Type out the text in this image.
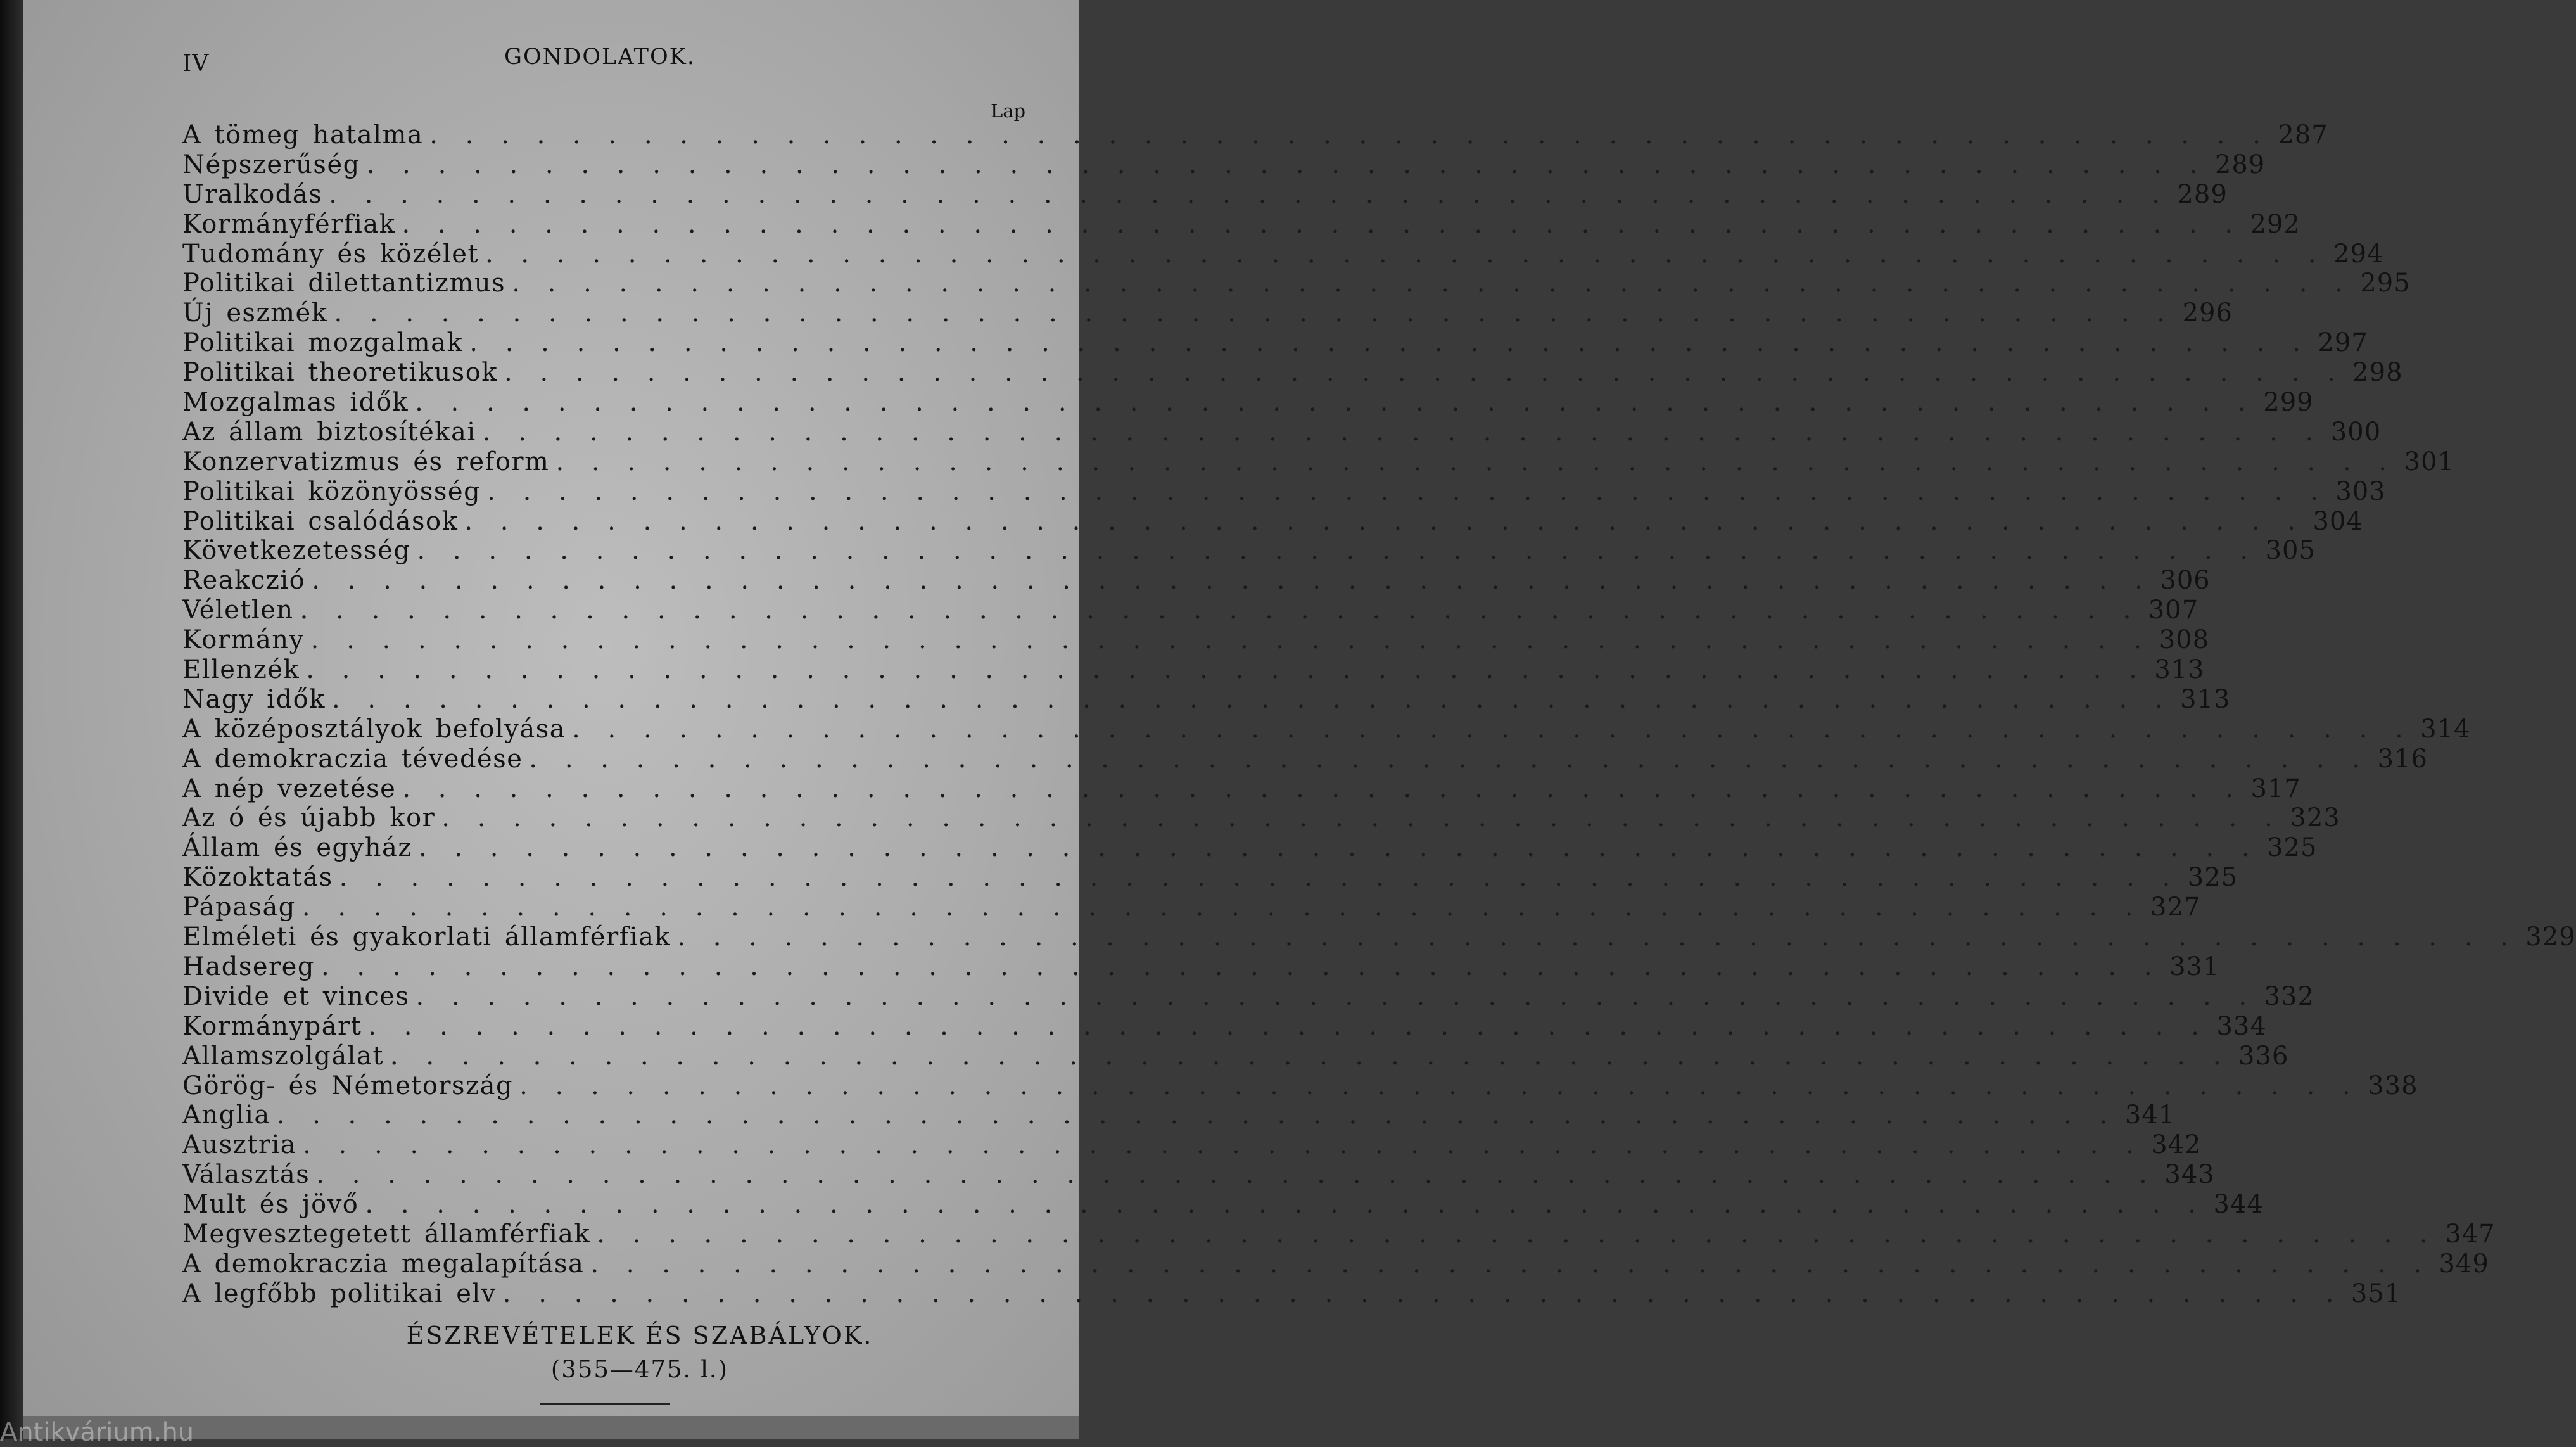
IV	GONDOLATOK.
Lap
A tömeg hatalma . . . . . . . . . . . . . . . . . . . . . . . . . . . . . . . . . . . . . . . . . . . . . . . . . . . . 287
Népszerűség . . . . . . . . . . . . . . . . . . . . . . . . . . . . . . . . . . . . . . . . . . . . . . . . . . . . 289
Uralkodás . . . . . . . . . . . . . . . . . . . . . . . . . . . . . . . . . . . . . . . . . . . . . . . . . . . . 289
Kormányférfiak . . . . . . . . . . . . . . . . . . . . . . . . . . . . . . . . . . . . . . . . . . . . . . . . . . . . 292
Tudomány és közélet . . . . . . . . . . . . . . . . . . . . . . . . . . . . . . . . . . . . . . . . . . . . . . . . . . . . 294
Politikai dilettantizmus . . . . . . . . . . . . . . . . . . . . . . . . . . . . . . . . . . . . . . . . . . . . . . . . . . . . 295
Új eszmék . . . . . . . . . . . . . . . . . . . . . . . . . . . . . . . . . . . . . . . . . . . . . . . . . . . . 296
Politikai mozgalmak . . . . . . . . . . . . . . . . . . . . . . . . . . . . . . . . . . . . . . . . . . . . . . . . . . . . 297
Politikai theoretikusok . . . . . . . . . . . . . . . . . . . . . . . . . . . . . . . . . . . . . . . . . . . . . . . . . . . . 298
Mozgalmas idők . . . . . . . . . . . . . . . . . . . . . . . . . . . . . . . . . . . . . . . . . . . . . . . . . . . . 299
Az állam biztosítékai . . . . . . . . . . . . . . . . . . . . . . . . . . . . . . . . . . . . . . . . . . . . . . . . . . . . 300
Konzervatizmus és reform . . . . . . . . . . . . . . . . . . . . . . . . . . . . . . . . . . . . . . . . . . . . . . . . . . . . 301
Politikai közönyösség . . . . . . . . . . . . . . . . . . . . . . . . . . . . . . . . . . . . . . . . . . . . . . . . . . . . 303
Politikai csalódások . . . . . . . . . . . . . . . . . . . . . . . . . . . . . . . . . . . . . . . . . . . . . . . . . . . . 304
Következetesség . . . . . . . . . . . . . . . . . . . . . . . . . . . . . . . . . . . . . . . . . . . . . . . . . . . . 305
Reakczió . . . . . . . . . . . . . . . . . . . . . . . . . . . . . . . . . . . . . . . . . . . . . . . . . . . . 306
Véletlen . . . . . . . . . . . . . . . . . . . . . . . . . . . . . . . . . . . . . . . . . . . . . . . . . . . . 307
Kormány . . . . . . . . . . . . . . . . . . . . . . . . . . . . . . . . . . . . . . . . . . . . . . . . . . . . 308
Ellenzék . . . . . . . . . . . . . . . . . . . . . . . . . . . . . . . . . . . . . . . . . . . . . . . . . . . . 313
Nagy idők . . . . . . . . . . . . . . . . . . . . . . . . . . . . . . . . . . . . . . . . . . . . . . . . . . . . 313
A középosztályok befolyása . . . . . . . . . . . . . . . . . . . . . . . . . . . . . . . . . . . . . . . . . . . . . . . . . . . . 314
A demokraczia tévedése . . . . . . . . . . . . . . . . . . . . . . . . . . . . . . . . . . . . . . . . . . . . . . . . . . . . 316
A nép vezetése . . . . . . . . . . . . . . . . . . . . . . . . . . . . . . . . . . . . . . . . . . . . . . . . . . . . 317
Az ó és újabb kor . . . . . . . . . . . . . . . . . . . . . . . . . . . . . . . . . . . . . . . . . . . . . . . . . . . . 323
Állam és egyház . . . . . . . . . . . . . . . . . . . . . . . . . . . . . . . . . . . . . . . . . . . . . . . . . . . . 325
Közoktatás . . . . . . . . . . . . . . . . . . . . . . . . . . . . . . . . . . . . . . . . . . . . . . . . . . . . 325
Pápaság . . . . . . . . . . . . . . . . . . . . . . . . . . . . . . . . . . . . . . . . . . . . . . . . . . . . 327
Elméleti és gyakorlati államférfiak . . . . . . . . . . . . . . . . . . . . . . . . . . . . . . . . . . . . . . . . . . . . . . . . . . . . 329
Hadsereg . . . . . . . . . . . . . . . . . . . . . . . . . . . . . . . . . . . . . . . . . . . . . . . . . . . . 331
Divide et vinces . . . . . . . . . . . . . . . . . . . . . . . . . . . . . . . . . . . . . . . . . . . . . . . . . . . . 332
Kormánypárt . . . . . . . . . . . . . . . . . . . . . . . . . . . . . . . . . . . . . . . . . . . . . . . . . . . . 334
Allamszolgálat . . . . . . . . . . . . . . . . . . . . . . . . . . . . . . . . . . . . . . . . . . . . . . . . . . . . 336
Görög- és Németország . . . . . . . . . . . . . . . . . . . . . . . . . . . . . . . . . . . . . . . . . . . . . . . . . . . . 338
Anglia . . . . . . . . . . . . . . . . . . . . . . . . . . . . . . . . . . . . . . . . . . . . . . . . . . . . 341
Ausztria . . . . . . . . . . . . . . . . . . . . . . . . . . . . . . . . . . . . . . . . . . . . . . . . . . . . 342
Választás . . . . . . . . . . . . . . . . . . . . . . . . . . . . . . . . . . . . . . . . . . . . . . . . . . . . 343
Mult és jövő . . . . . . . . . . . . . . . . . . . . . . . . . . . . . . . . . . . . . . . . . . . . . . . . . . . . 344
Megvesztegetett államférfiak . . . . . . . . . . . . . . . . . . . . . . . . . . . . . . . . . . . . . . . . . . . . . . . . . . . . 347
A demokraczia megalapítása . . . . . . . . . . . . . . . . . . . . . . . . . . . . . . . . . . . . . . . . . . . . . . . . . . . . 349
A legfőbb politikai elv . . . . . . . . . . . . . . . . . . . . . . . . . . . . . . . . . . . . . . . . . . . . . . . . . . . . 351
ÉSZREVÉTELEK ÉS SZABÁLYOK.
(355—475. l.)
Antikvárium.hu
